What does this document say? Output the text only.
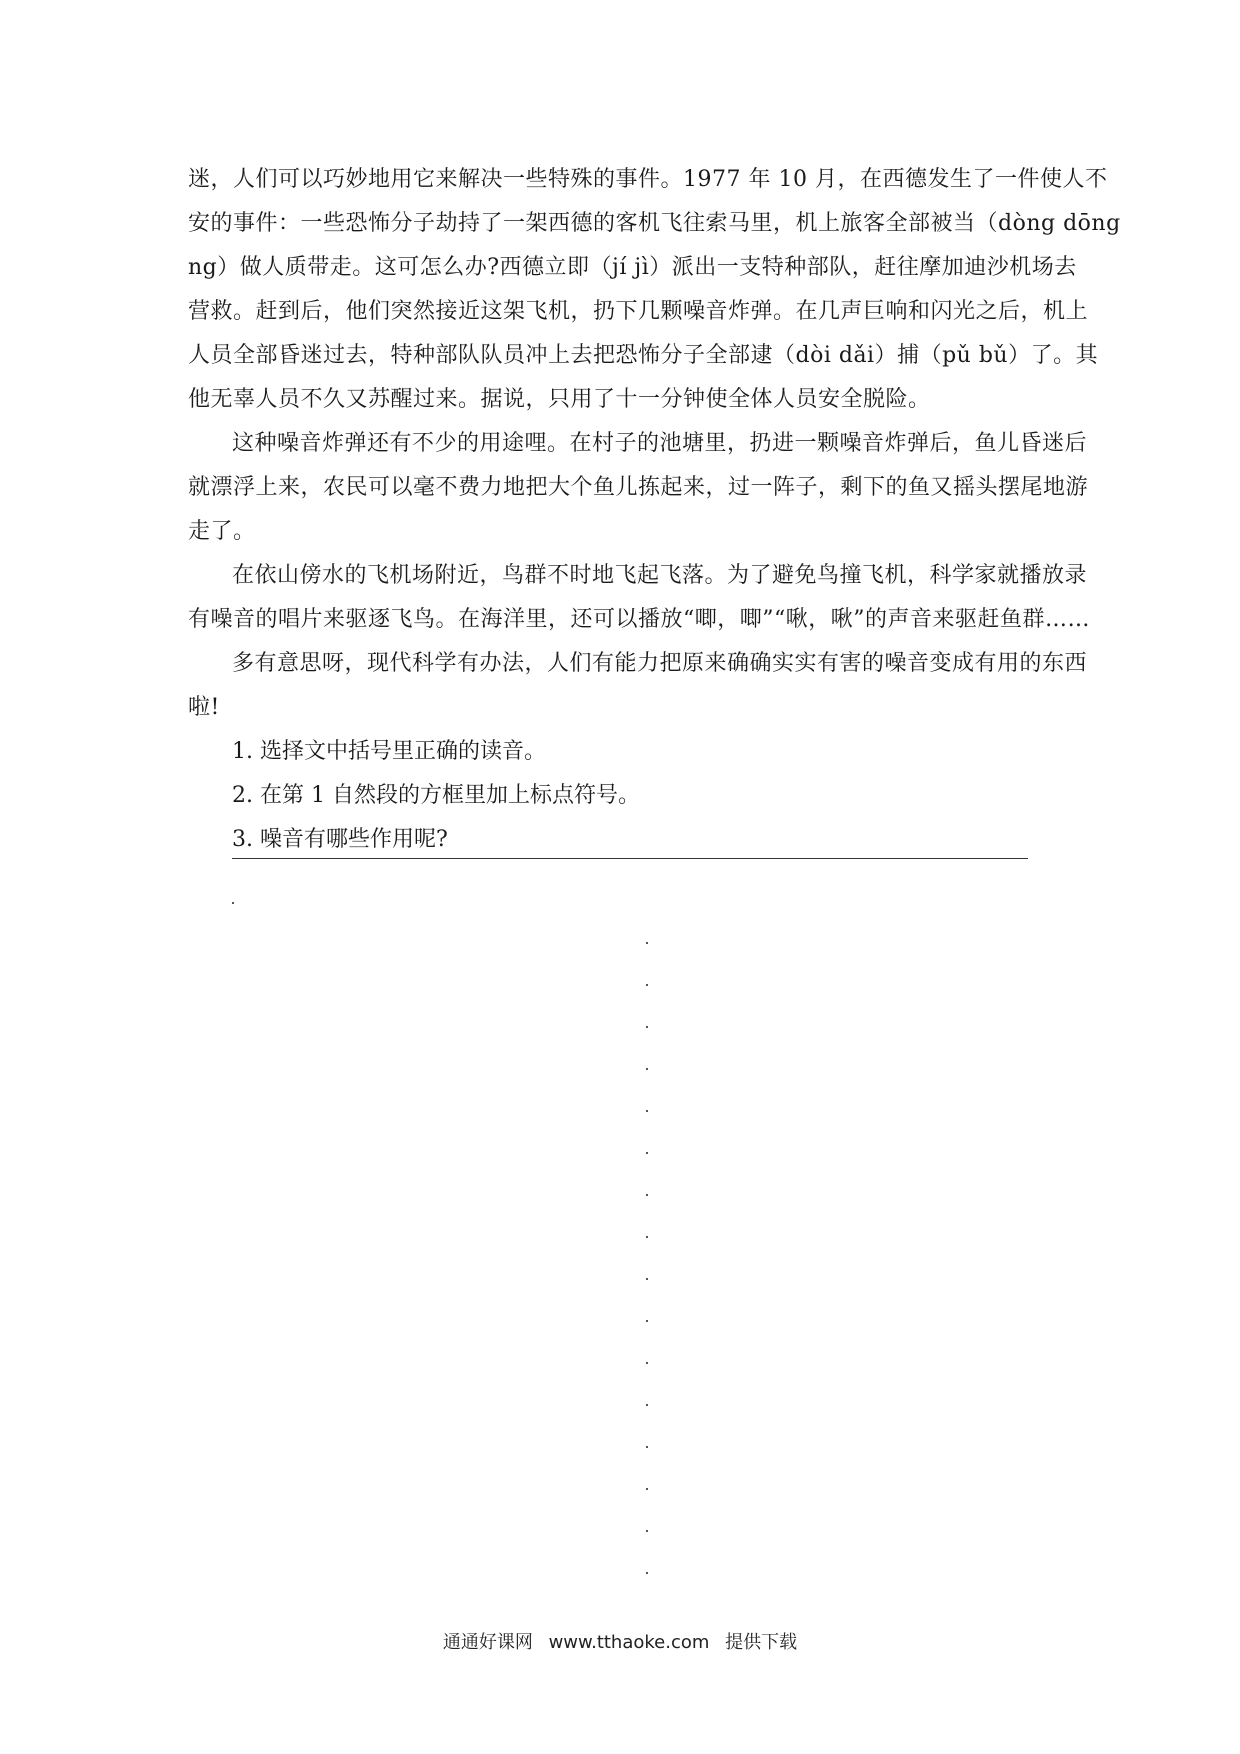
迷，人们可以巧妙地用它来解决一些特殊的事件。1977 年 10 月，在西德发生了一件使人不
安的事件：一些恐怖分子劫持了一架西德的客机飞往索马里，机上旅客全部被当（dòng dōng
ng）做人质带走。这可怎么办?西德立即（jí jì）派出一支特种部队，赶往摩加迪沙机场去
营救。赶到后，他们突然接近这架飞机，扔下几颗噪音炸弹。在几声巨响和闪光之后，机上
人员全部昏迷过去，特种部队队员冲上去把恐怖分子全部逮（dòi dǎi）捕（pǔ bǔ）了。其
他无辜人员不久又苏醒过来。据说，只用了十一分钟使全体人员安全脱险。
这种噪音炸弹还有不少的用途哩。在村子的池塘里，扔进一颗噪音炸弹后，鱼儿昏迷后
就漂浮上来，农民可以毫不费力地把大个鱼儿拣起来，过一阵子，剩下的鱼又摇头摆尾地游
走了。
在依山傍水的飞机场附近，鸟群不时地飞起飞落。为了避免鸟撞飞机，科学家就播放录
有噪音的唱片来驱逐飞鸟。在海洋里，还可以播放“唧，唧”“啾，啾”的声音来驱赶鱼群……
多有意思呀，现代科学有办法，人们有能力把原来确确实实有害的噪音变成有用的东西
啦!
1. 选择文中括号里正确的读音。
2. 在第 1 自然段的方框里加上标点符号。
3. 噪音有哪些作用呢?
通通好课网 www.tthaoke.com 提供下载
